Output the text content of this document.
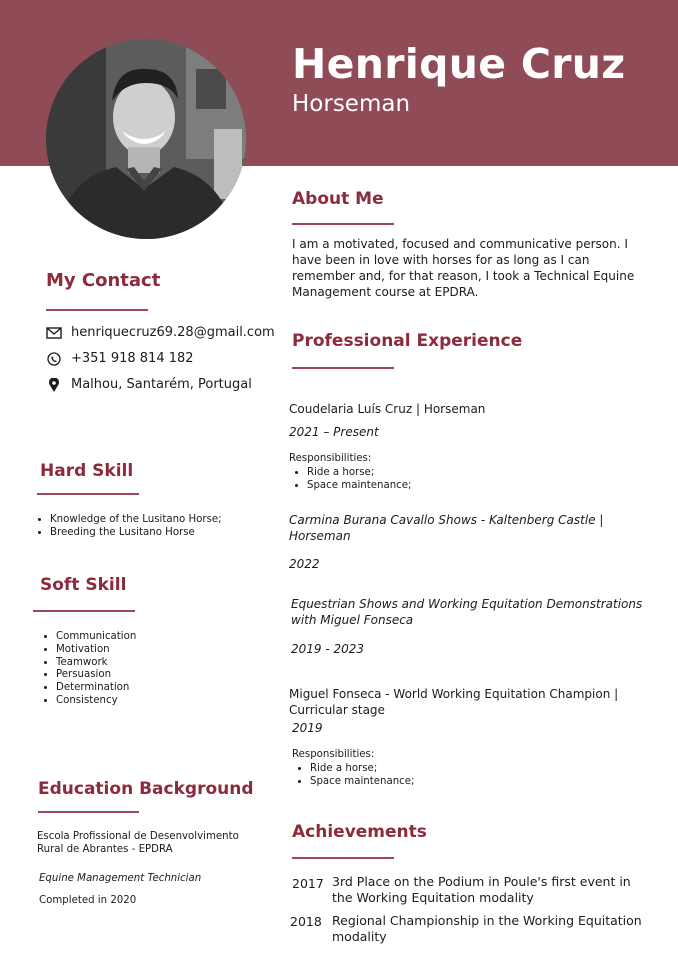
Henrique Cruz
Horseman
My Contact
henriquecruz69.28@gmail.com
+351 918 814 182
Malhou, Santarém, Portugal
Hard Skill
• Knowledge of the Lusitano Horse;
• Breeding the Lusitano Horse
Soft Skill
• Communication
• Motivation
• Teamwork
• Persuasion
• Determination
• Consistency
Education Background
Escola Profissional de Desenvolvimento Rural de Abrantes - EPDRA
Equine Management Technician
Completed in 2020
About Me
I am a motivated, focused and communicative person. I have been in love with horses for as long as I can remember and, for that reason, I took a Technical Equine Management course at EPDRA.
Professional Experience
Coudelaria Luís Cruz | Horseman
2021 – Present
Responsibilities:
• Ride a horse;
• Space maintenance;
Carmina Burana Cavallo Shows - Kaltenberg Castle | Horseman
2022
Equestrian Shows and Working Equitation Demonstrations with Miguel Fonseca
2019 - 2023
Miguel Fonseca - World Working Equitation Champion | Curricular stage
2019
Responsibilities:
• Ride a horse;
• Space maintenance;
Achievements
2017 3rd Place on the Podium in Poule's first event in the Working Equitation modality
2018 Regional Championship in the Working Equitation modality
